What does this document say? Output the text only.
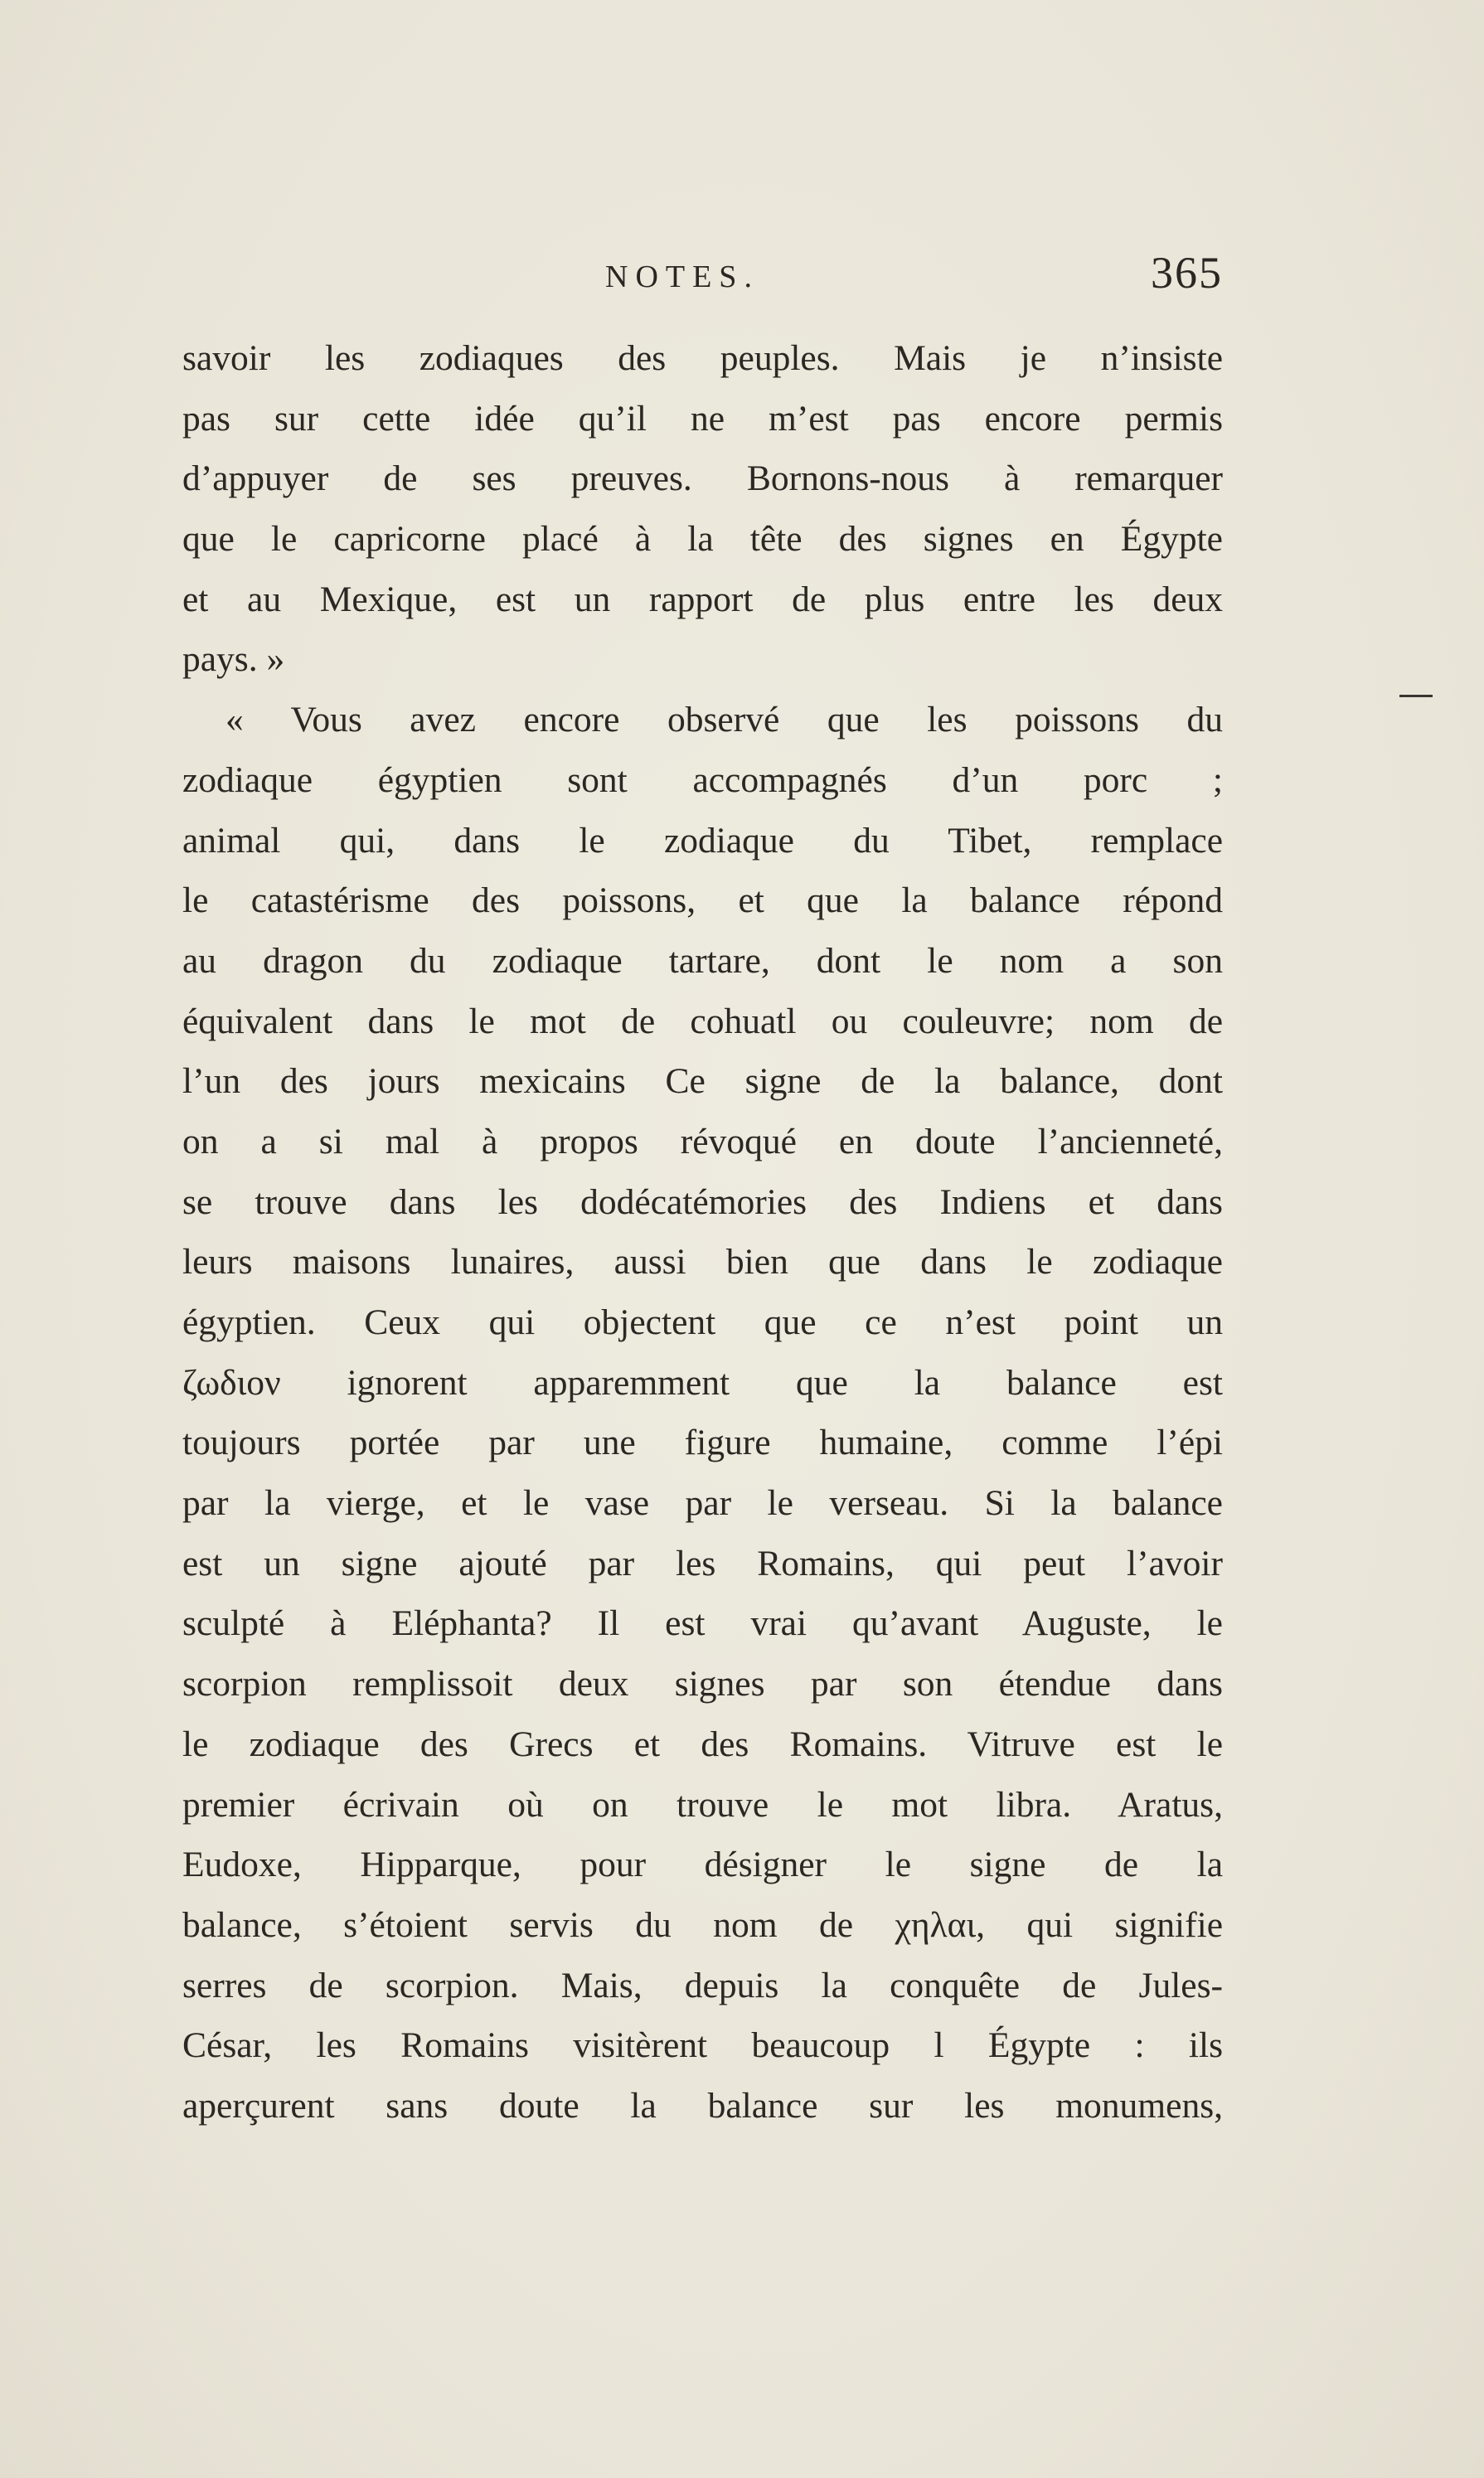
NOTES.	365
savoir les zodiaques des peuples. Mais je n’insiste
pas sur cette idée qu’il ne m’est pas encore permis
d’appuyer de ses preuves. Bornons-nous à remarquer
que le capricorne placé à la tête des signes en Égypte
et au Mexique, est un rapport de plus entre les deux
pays. »
« Vous avez encore observé que les poissons du
zodiaque égyptien sont accompagnés d’un porc ;
animal qui, dans le zodiaque du Tibet, remplace
le catastérisme des poissons, et que la balance répond
au dragon du zodiaque tartare, dont le nom a son
équivalent dans le mot de cohuatl ou couleuvre; nom de
l’un des jours mexicains Ce signe de la balance, dont
on a si mal à propos révoqué en doute l’ancienneté,
se trouve dans les dodécatémories des Indiens et dans
leurs maisons lunaires, aussi bien que dans le zodiaque
égyptien. Ceux qui objectent que ce n’est point un
ζωδιον ignorent apparemment que la balance est
toujours portée par une figure humaine, comme l’épi
par la vierge, et le vase par le verseau. Si la balance
est un signe ajouté par les Romains, qui peut l’avoir
sculpté à Eléphanta? Il est vrai qu’avant Auguste, le
scorpion remplissoit deux signes par son étendue dans
le zodiaque des Grecs et des Romains. Vitruve est le
premier écrivain où on trouve le mot libra. Aratus,
Eudoxe, Hipparque, pour désigner le signe de la
balance, s’étoient servis du nom de χηλαι, qui signifie
serres de scorpion. Mais, depuis la conquête de Jules-
César, les Romains visitèrent beaucoup l Égypte : ils
aperçurent sans doute la balance sur les monumens,
